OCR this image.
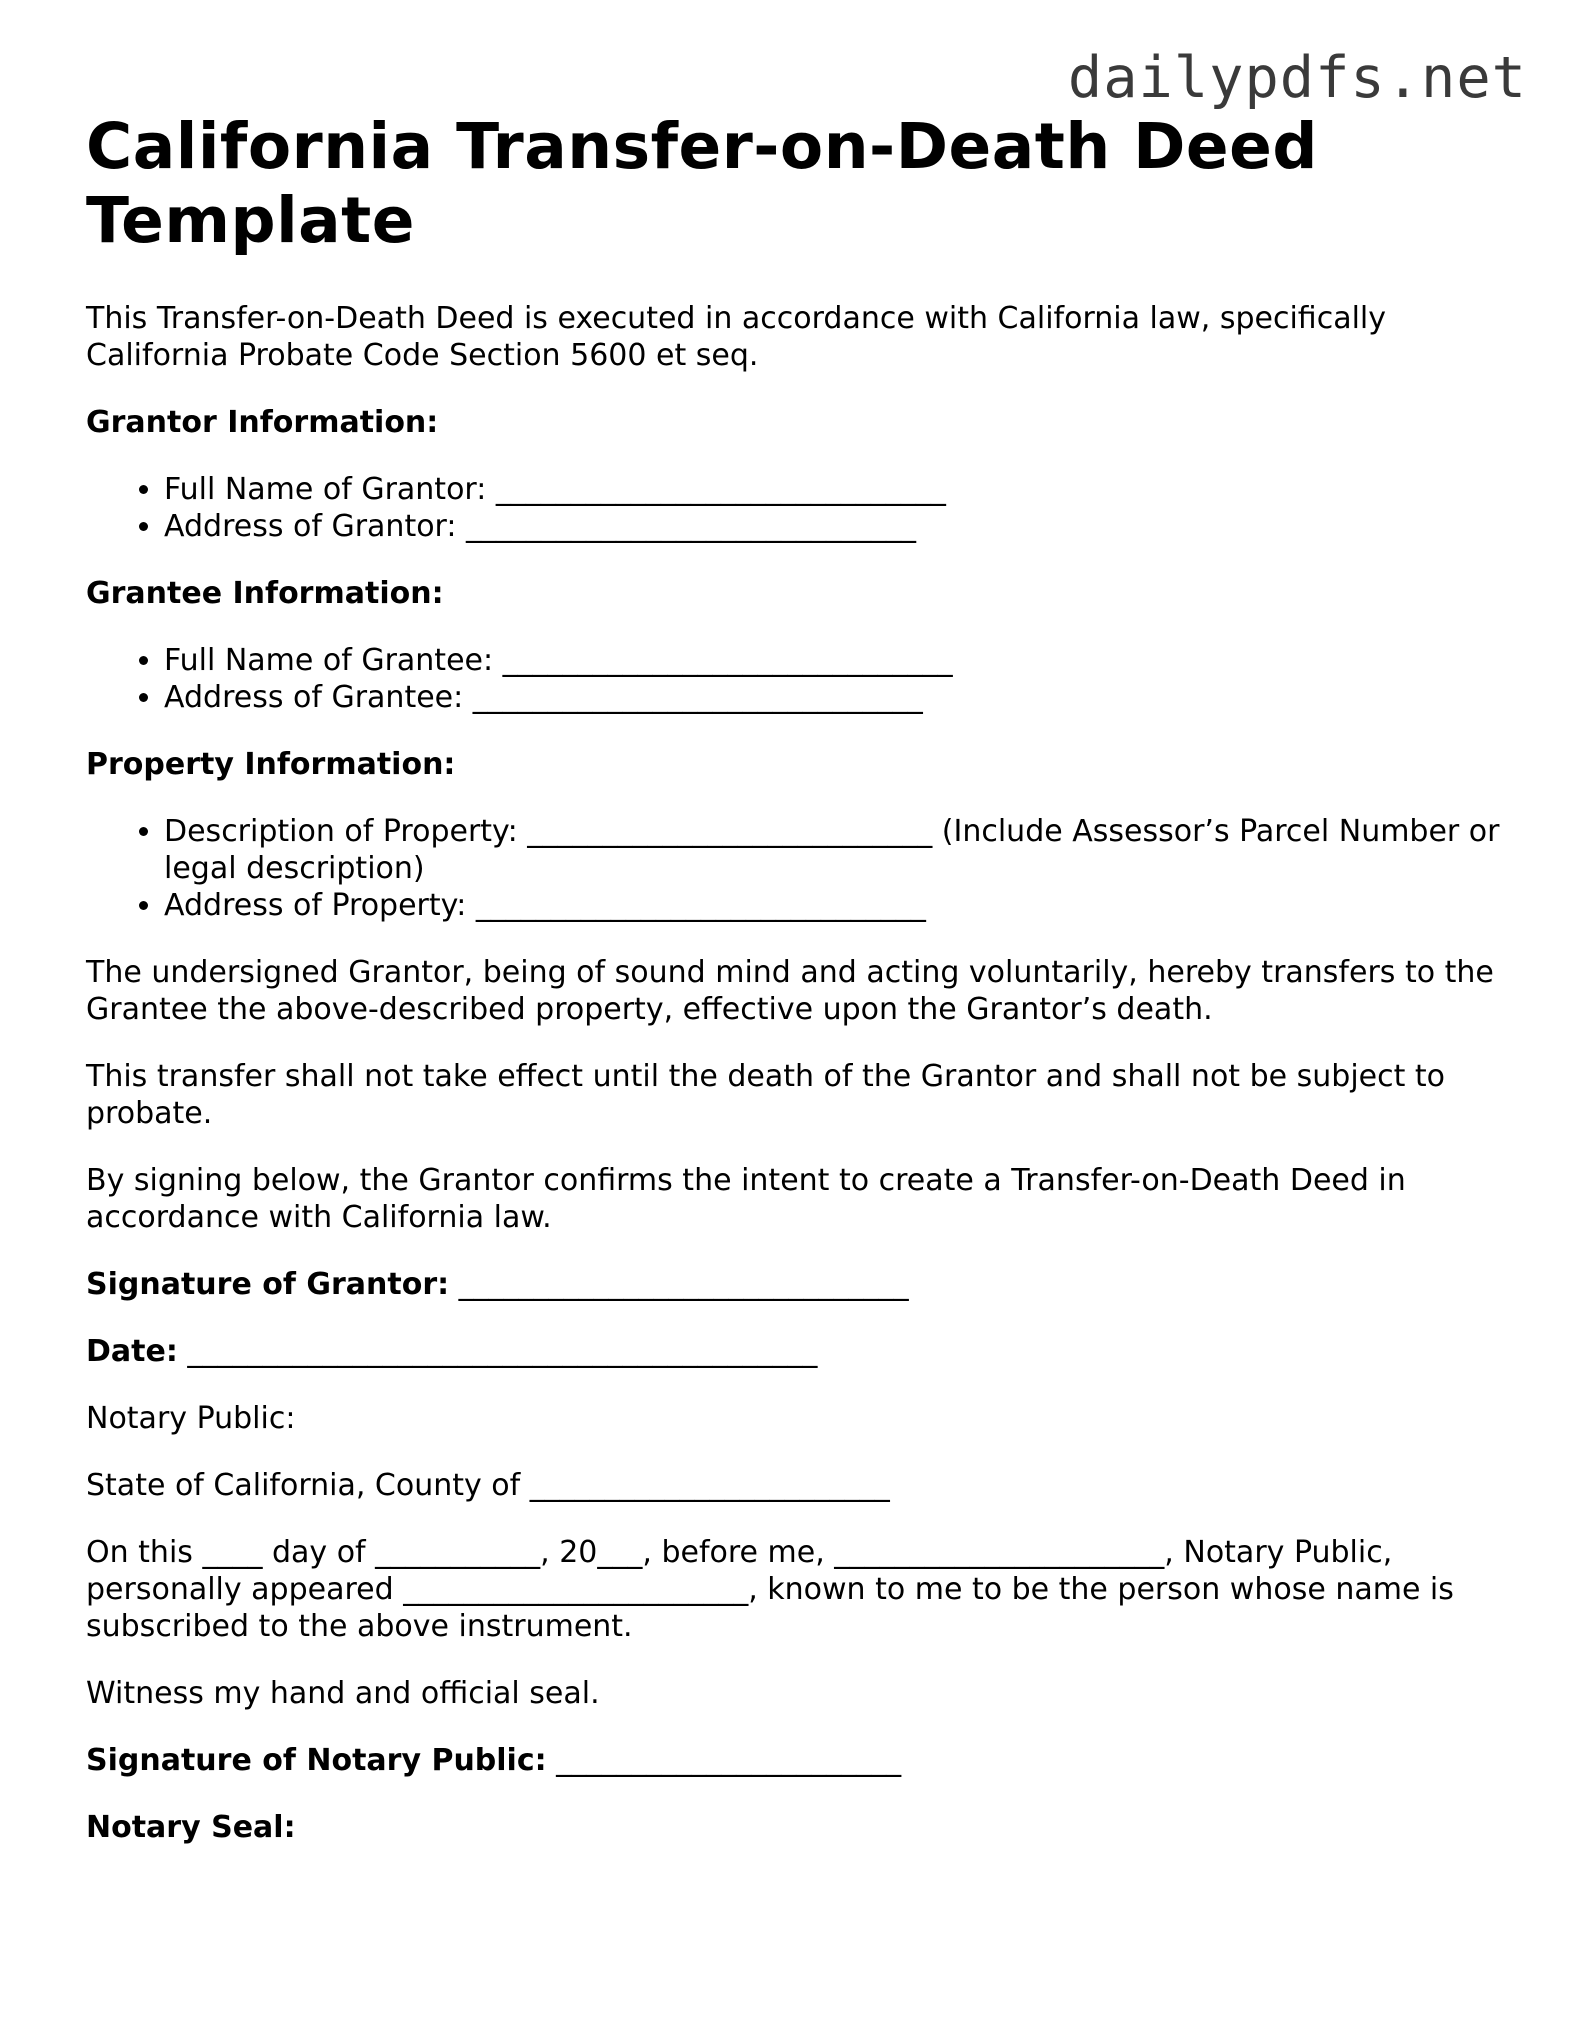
dailypdfs.net
California Transfer-on-Death Deed Template

This Transfer-on-Death Deed is executed in accordance with California law, specifically California Probate Code Section 5600 et seq.

Grantor Information:

• Full Name of Grantor: ______________________________
• Address of Grantor: ______________________________

Grantee Information:

• Full Name of Grantee: ______________________________
• Address of Grantee: ______________________________

Property Information:

• Description of Property: ___________________________ (Include Assessor’s Parcel Number or legal description)
• Address of Property: ______________________________

The undersigned Grantor, being of sound mind and acting voluntarily, hereby transfers to the Grantee the above-described property, effective upon the Grantor’s death.

This transfer shall not take effect until the death of the Grantor and shall not be subject to probate.

By signing below, the Grantor confirms the intent to create a Transfer-on-Death Deed in accordance with California law.

Signature of Grantor: ______________________________

Date: __________________________________________

Notary Public:

State of California, County of ________________________

On this ____ day of ___________, 20___, before me, ______________________, Notary Public, personally appeared _______________________, known to me to be the person whose name is subscribed to the above instrument.

Witness my hand and official seal.

Signature of Notary Public: _______________________

Notary Seal:
